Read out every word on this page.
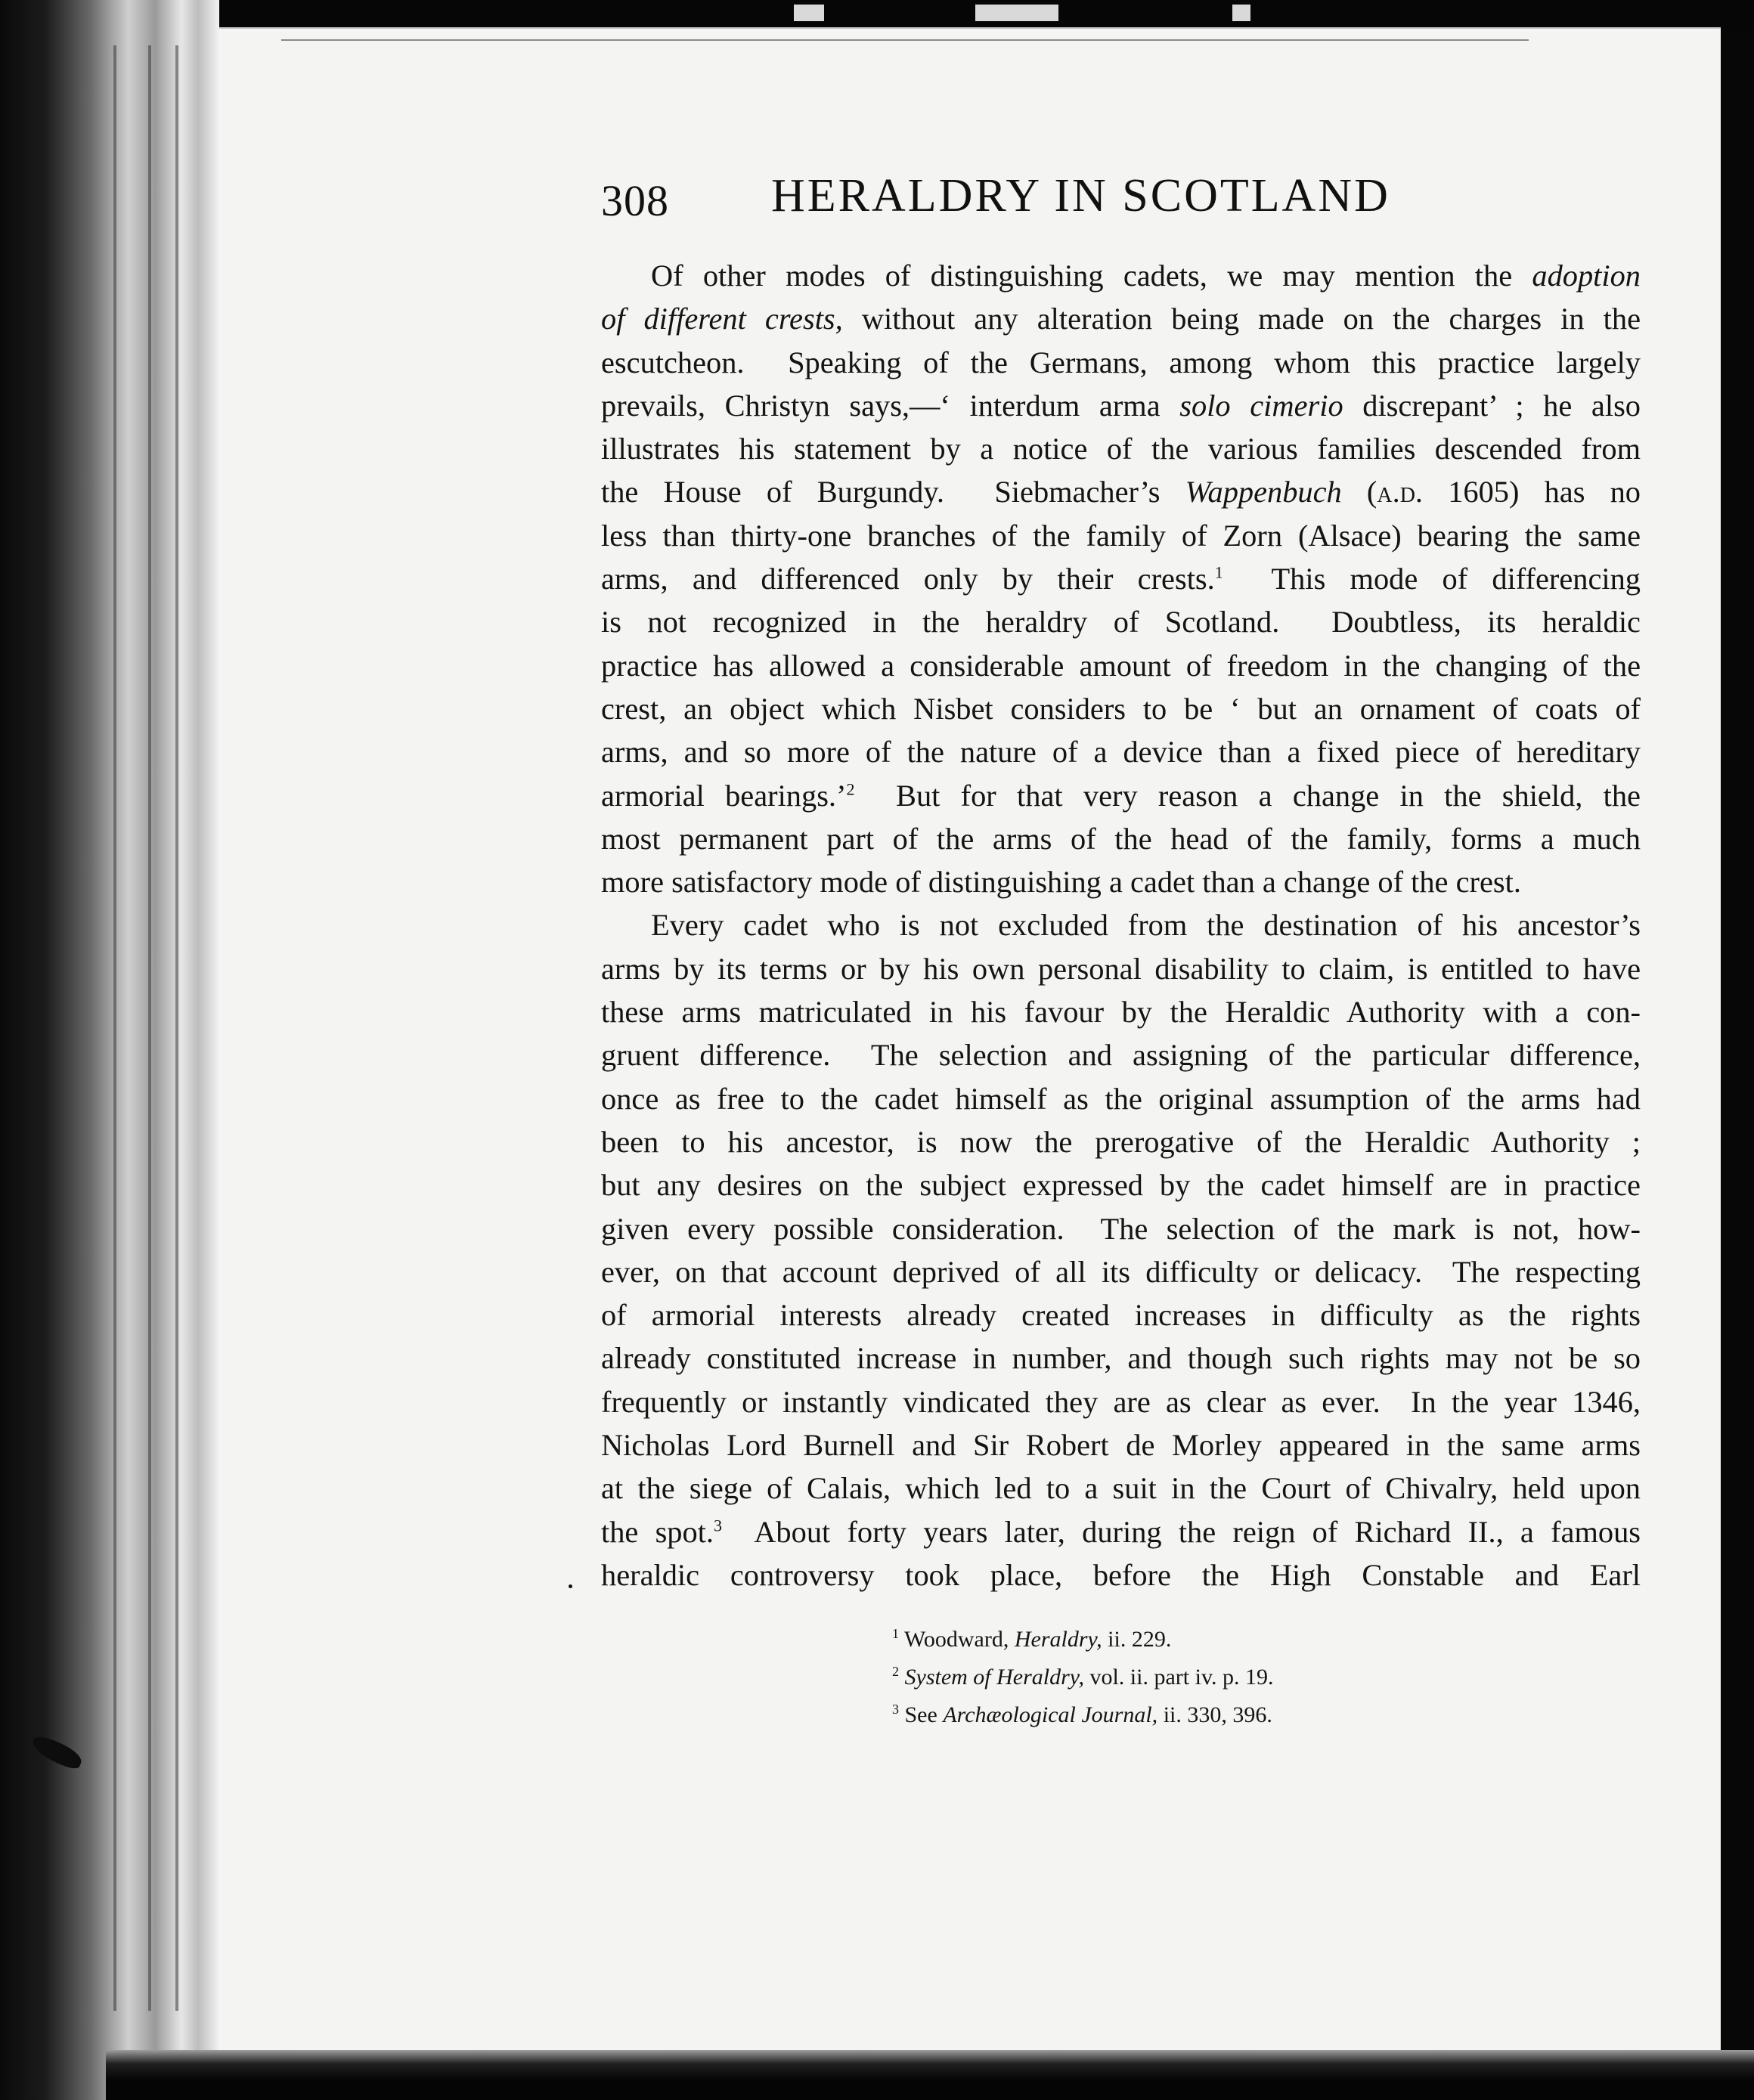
308 HERALDRY IN SCOTLAND
Of other modes of distinguishing cadets, we may mention the adoption
of different crests, without any alteration being made on the charges in the
escutcheon.  Speaking of the Germans, among whom this practice largely
prevails, Christyn says,—‘ interdum arma solo cimerio discrepant’ ; he also
illustrates his statement by a notice of the various families descended from
the House of Burgundy.  Siebmacher’s Wappenbuch (a.d. 1605) has no
less than thirty-one branches of the family of Zorn (Alsace) bearing the same
arms, and differenced only by their crests.$^1$  This mode of differencing
is not recognized in the heraldry of Scotland.  Doubtless, its heraldic
practice has allowed a considerable amount of freedom in the changing of the
crest, an object which Nisbet considers to be ‘ but an ornament of coats of
arms, and so more of the nature of a device than a fixed piece of hereditary
armorial bearings.’$^2$  But for that very reason a change in the shield, the
most permanent part of the arms of the head of the family, forms a much
more satisfactory mode of distinguishing a cadet than a change of the crest.
Every cadet who is not excluded from the destination of his ancestor’s
arms by its terms or by his own personal disability to claim, is entitled to have
these arms matriculated in his favour by the Heraldic Authority with a con-
gruent difference.  The selection and assigning of the particular difference,
once as free to the cadet himself as the original assumption of the arms had
been to his ancestor, is now the prerogative of the Heraldic Authority ;
but any desires on the subject expressed by the cadet himself are in practice
given every possible consideration.  The selection of the mark is not, how-
ever, on that account deprived of all its difficulty or delicacy.  The respecting
of armorial interests already created increases in difficulty as the rights
already constituted increase in number, and though such rights may not be so
frequently or instantly vindicated they are as clear as ever.  In the year 1346,
Nicholas Lord Burnell and Sir Robert de Morley appeared in the same arms
at the siege of Calais, which led to a suit in the Court of Chivalry, held upon
the spot.$^3$  About forty years later, during the reign of Richard II., a famous
heraldic controversy took place, before the High Constable and Earl
$^1$ Woodward, Heraldry, ii. 229.
$^2$ System of Heraldry, vol. ii. part iv. p. 19.
$^3$ See Archæological Journal, ii. 330, 396.
